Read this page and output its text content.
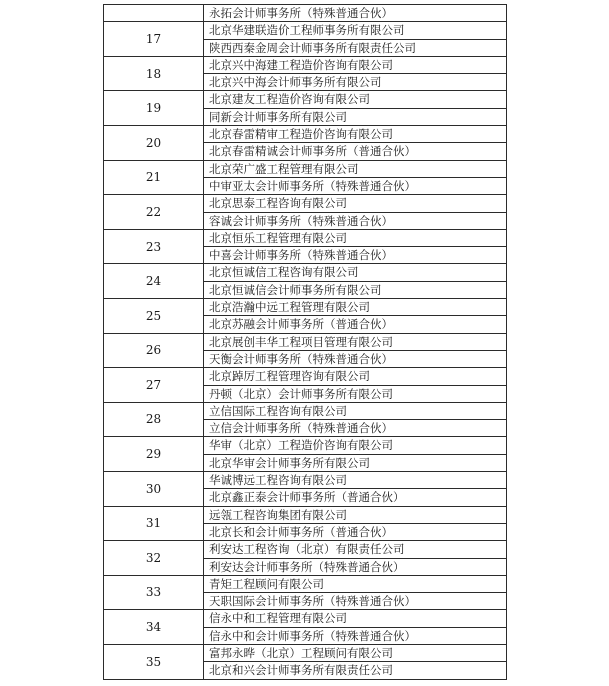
	永拓会计师事务所（特殊普通合伙）
17	北京华建联造价工程师事务所有限公司
	陕西西秦金周会计师事务所有限责任公司
18	北京兴中海建工程造价咨询有限公司
	北京兴中海会计师事务所有限公司
19	北京建友工程造价咨询有限公司
	同新会计师事务所有限公司
20	北京春雷精审工程造价咨询有限公司
	北京春雷精诚会计师事务所（普通合伙）
21	北京荣广盛工程管理有限公司
	中审亚太会计师事务所（特殊普通合伙）
22	北京思泰工程咨询有限公司
	容诚会计师事务所（特殊普通合伙）
23	北京恒乐工程管理有限公司
	中喜会计师事务所（特殊普通合伙）
24	北京恒诚信工程咨询有限公司
	北京恒诚信会计师事务所有限公司
25	北京浩瀚中远工程管理有限公司
	北京苏融会计师事务所（普通合伙）
26	北京展创丰华工程项目管理有限公司
	天衡会计师事务所（特殊普通合伙）
27	北京踔厉工程管理咨询有限公司
	丹顿（北京）会计师事务所有限公司
28	立信国际工程咨询有限公司
	立信会计师事务所（特殊普通合伙）
29	华审（北京）工程造价咨询有限公司
	北京华审会计师事务所有限公司
30	华诚博远工程咨询有限公司
	北京鑫正泰会计师事务所（普通合伙）
31	远瓴工程咨询集团有限公司
	北京长和会计师事务所（普通合伙）
32	利安达工程咨询（北京）有限责任公司
	利安达会计师事务所（特殊普通合伙）
33	青矩工程顾问有限公司
	天职国际会计师事务所（特殊普通合伙）
34	信永中和工程管理有限公司
	信永中和会计师事务所（特殊普通合伙）
35	富邦永晔（北京）工程顾问有限公司
	北京和兴会计师事务所有限责任公司
